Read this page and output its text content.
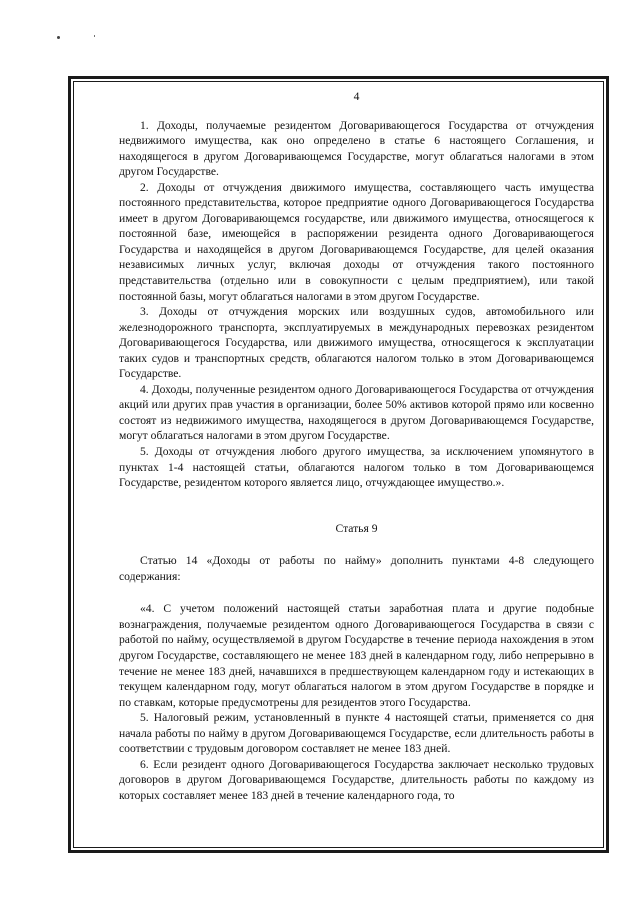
4

1. Доходы, получаемые резидентом Договаривающегося Государства от отчуждения недвижимого имущества, как оно определено в статье 6 настоящего Соглашения, и находящегося в другом Договаривающемся Государстве, могут облагаться налогами в этом другом Государстве.

2. Доходы от отчуждения движимого имущества, составляющего часть имущества постоянного представительства, которое предприятие одного Договаривающегося Государства имеет в другом Договаривающемся государстве, или движимого имущества, относящегося к постоянной базе, имеющейся в распоряжении резидента одного Договаривающегося Государства и находящейся в другом Договаривающемся Государстве, для целей оказания независимых личных услуг, включая доходы от отчуждения такого постоянного представительства (отдельно или в совокупности с целым предприятием), или такой постоянной базы, могут облагаться налогами в этом другом Государстве.

3. Доходы от отчуждения морских или воздушных судов, автомобильного или железнодорожного транспорта, эксплуатируемых в международных перевозках резидентом Договаривающегося Государства, или движимого имущества, относящегося к эксплуатации таких судов и транспортных средств, облагаются налогом только в этом Договаривающемся Государстве.

4. Доходы, полученные резидентом одного Договаривающегося Государства от отчуждения акций или других прав участия в организации, более 50% активов которой прямо или косвенно состоят из недвижимого имущества, находящегося в другом Договаривающемся Государстве, могут облагаться налогами в этом другом Государстве.

5. Доходы от отчуждения любого другого имущества, за исключением упомянутого в пунктах 1-4 настоящей статьи, облагаются налогом только в том Договаривающемся Государстве, резидентом которого является лицо, отчуждающее имущество.».

Статья 9

Статью 14 «Доходы от работы по найму» дополнить пунктами 4-8 следующего содержания:

«4. С учетом положений настоящей статьи заработная плата и другие подобные вознаграждения, получаемые резидентом одного Договаривающегося Государства в связи с работой по найму, осуществляемой в другом Государстве в течение периода нахождения в этом другом Государстве, составляющего не менее 183 дней в календарном году, либо непрерывно в течение не менее 183 дней, начавшихся в предшествующем календарном году и истекающих в текущем календарном году, могут облагаться налогом в этом другом Государстве в порядке и по ставкам, которые предусмотрены для резидентов этого Государства.

5. Налоговый режим, установленный в пункте 4 настоящей статьи, применяется со дня начала работы по найму в другом Договаривающемся Государстве, если длительность работы в соответствии с трудовым договором составляет не менее 183 дней.

6. Если резидент одного Договаривающегося Государства заключает несколько трудовых договоров в другом Договаривающемся Государстве, длительность работы по каждому из которых составляет менее 183 дней в течение календарного года, то
